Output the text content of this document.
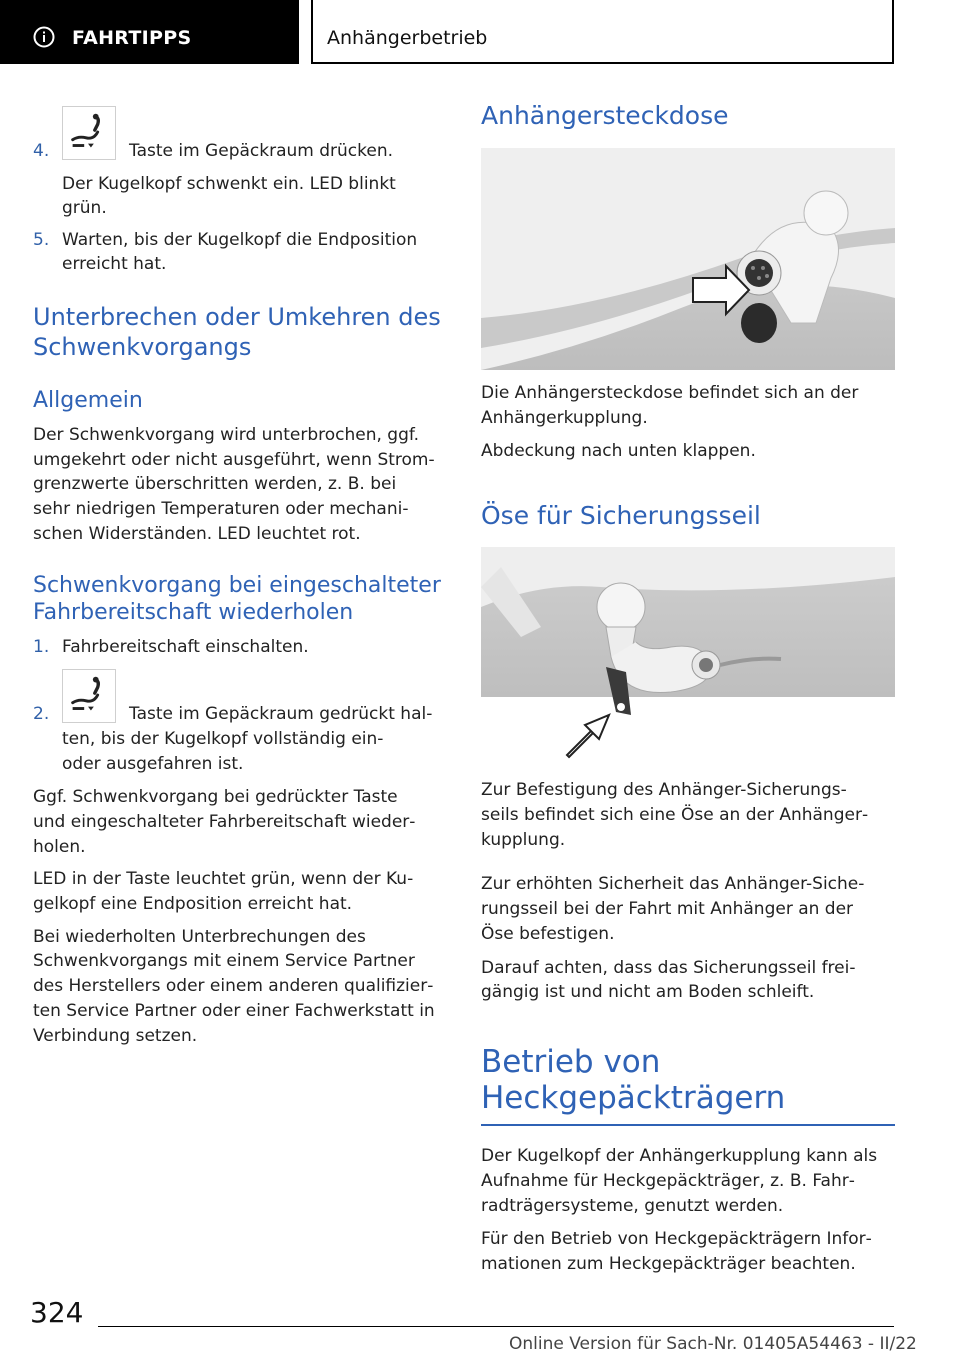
FAHRTIPPS	Anhängerbetrieb
4.	Taste im Gepäckraum drücken.
Der Kugelkopf schwenkt ein. LED blinkt
grün.
5. Warten, bis der Kugelkopf die Endposition
erreicht hat.
Unterbrechen oder Umkehren des
Schwenkvorgangs
Allgemein
Der Schwenkvorgang wird unterbrochen, ggf.
umgekehrt oder nicht ausgeführt, wenn Strom‐
grenzwerte überschritten werden, z. B. bei
sehr niedrigen Temperaturen oder mechani‐
schen Widerständen. LED leuchtet rot.
Schwenkvorgang bei eingeschalteter
Fahrbereitschaft wiederholen
1. Fahrbereitschaft einschalten.
2.	Taste im Gepäckraum gedrückt hal‐
ten, bis der Kugelkopf vollständig ein-
oder ausgefahren ist.
Ggf. Schwenkvorgang bei gedrückter Taste
und eingeschalteter Fahrbereitschaft wieder‐
holen.
LED in der Taste leuchtet grün, wenn der Ku‐
gelkopf eine Endposition erreicht hat.
Bei wiederholten Unterbrechungen des
Schwenkvorgangs mit einem Service Partner
des Herstellers oder einem anderen qualifizier‐
ten Service Partner oder einer Fachwerkstatt in
Verbindung setzen.
Anhängersteckdose
Die Anhängersteckdose befindet sich an der
Anhängerkupplung.
Abdeckung nach unten klappen.
Öse für Sicherungsseil
Zur Befestigung des Anhänger-Sicherungs‐
seils befindet sich eine Öse an der Anhänger‐
kupplung.
Zur erhöhten Sicherheit das Anhänger-Siche‐
rungsseil bei der Fahrt mit Anhänger an der
Öse befestigen.
Darauf achten, dass das Sicherungsseil frei‐
gängig ist und nicht am Boden schleift.
Betrieb von
Heckgepäckträgern
Der Kugelkopf der Anhängerkupplung kann als
Aufnahme für Heckgepäckträger, z. B. Fahr‐
radträgersysteme, genutzt werden.
Für den Betrieb von Heckgepäckträgern Infor‐
mationen zum Heckgepäckträger beachten.
324
Online Version für Sach-Nr. 01405A54463 - II/22
